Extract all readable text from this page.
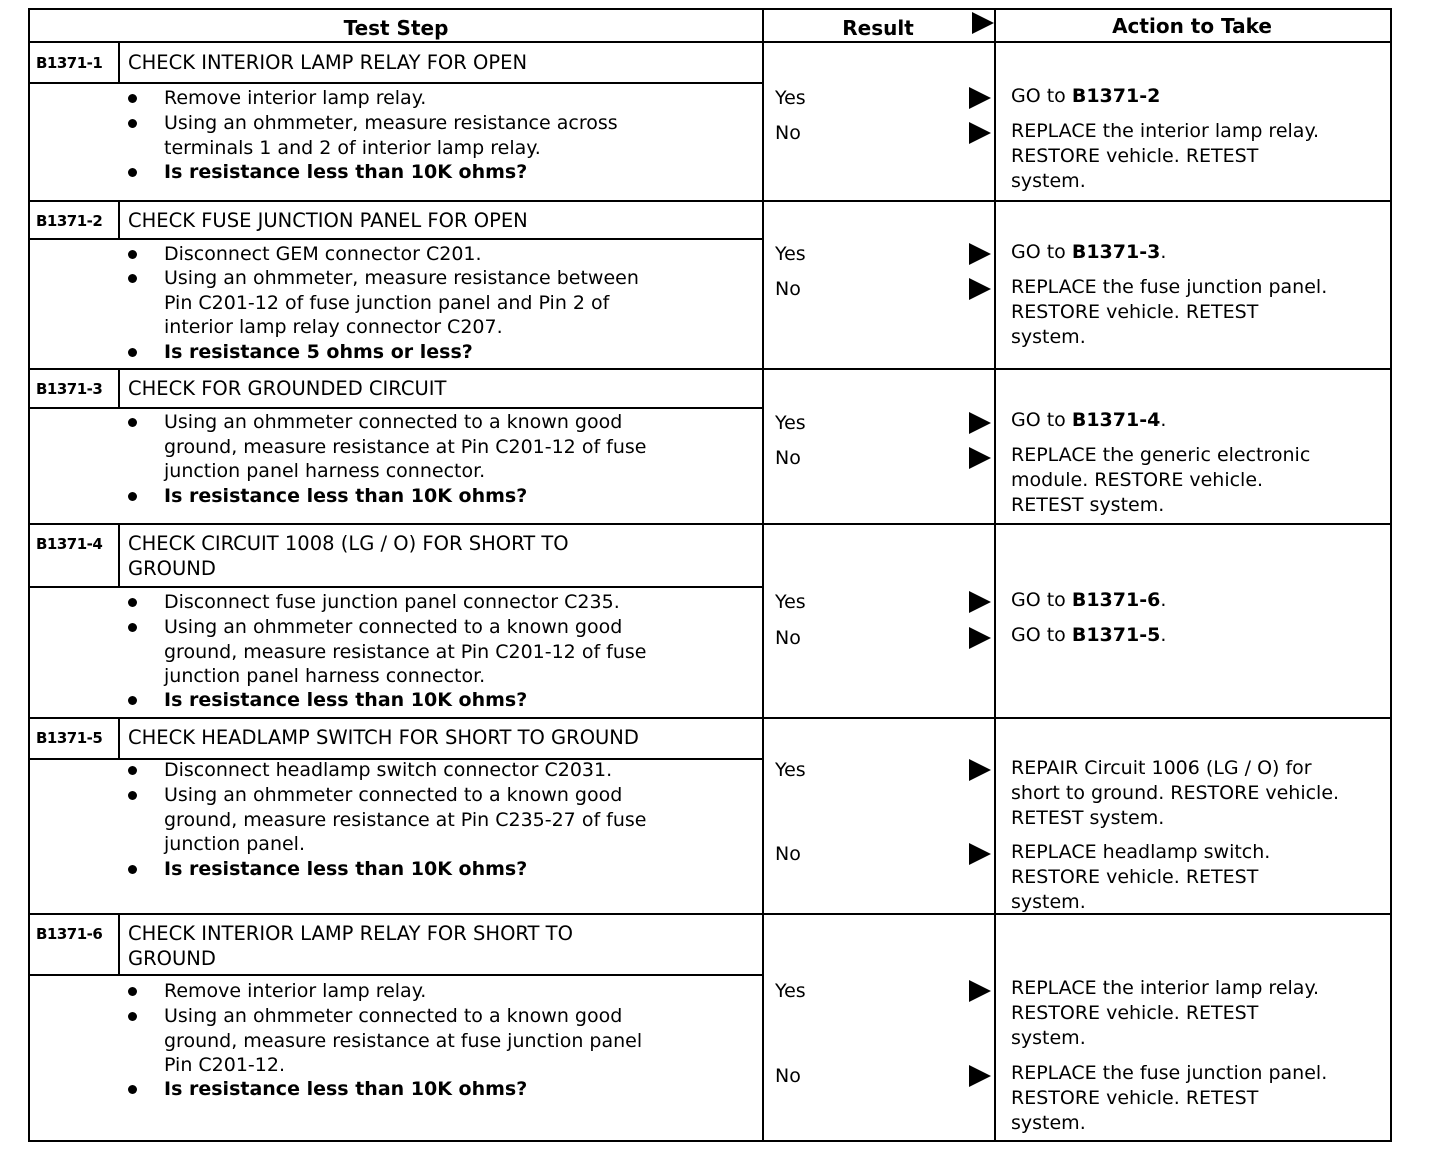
Test Step	Result	Action to Take
B1371-1 CHECK INTERIOR LAMP RELAY FOR OPEN
Remove interior lamp relay.
Using an ohmmeter, measure resistance across
terminals 1 and 2 of interior lamp relay.
Is resistance less than 10K ohms?
Yes
No
GO to B1371-2
REPLACE the interior lamp relay.
RESTORE vehicle. RETEST
system.
B1371-2 CHECK FUSE JUNCTION PANEL FOR OPEN
Disconnect GEM connector C201.
Using an ohmmeter, measure resistance between
Pin C201-12 of fuse junction panel and Pin 2 of
interior lamp relay connector C207.
Is resistance 5 ohms or less?
Yes
No
GO to B1371-3.
REPLACE the fuse junction panel.
RESTORE vehicle. RETEST
system.
B1371-3 CHECK FOR GROUNDED CIRCUIT
Using an ohmmeter connected to a known good
ground, measure resistance at Pin C201-12 of fuse
junction panel harness connector.
Is resistance less than 10K ohms?
Yes
No
GO to B1371-4.
REPLACE the generic electronic
module. RESTORE vehicle.
RETEST system.
B1371-4 CHECK CIRCUIT 1008 (LG / O) FOR SHORT TO
GROUND
Disconnect fuse junction panel connector C235.
Using an ohmmeter connected to a known good
ground, measure resistance at Pin C201-12 of fuse
junction panel harness connector.
Is resistance less than 10K ohms?
Yes
No
GO to B1371-6.
GO to B1371-5.
B1371-5 CHECK HEADLAMP SWITCH FOR SHORT TO GROUND
Disconnect headlamp switch connector C2031.
Using an ohmmeter connected to a known good
ground, measure resistance at Pin C235-27 of fuse
junction panel.
Is resistance less than 10K ohms?
Yes
No
REPAIR Circuit 1006 (LG / O) for
short to ground. RESTORE vehicle.
RETEST system.
REPLACE headlamp switch.
RESTORE vehicle. RETEST
system.
B1371-6 CHECK INTERIOR LAMP RELAY FOR SHORT TO
GROUND
Remove interior lamp relay.
Using an ohmmeter connected to a known good
ground, measure resistance at fuse junction panel
Pin C201-12.
Is resistance less than 10K ohms?
Yes
No
REPLACE the interior lamp relay.
RESTORE vehicle. RETEST
system.
REPLACE the fuse junction panel.
RESTORE vehicle. RETEST
system.
